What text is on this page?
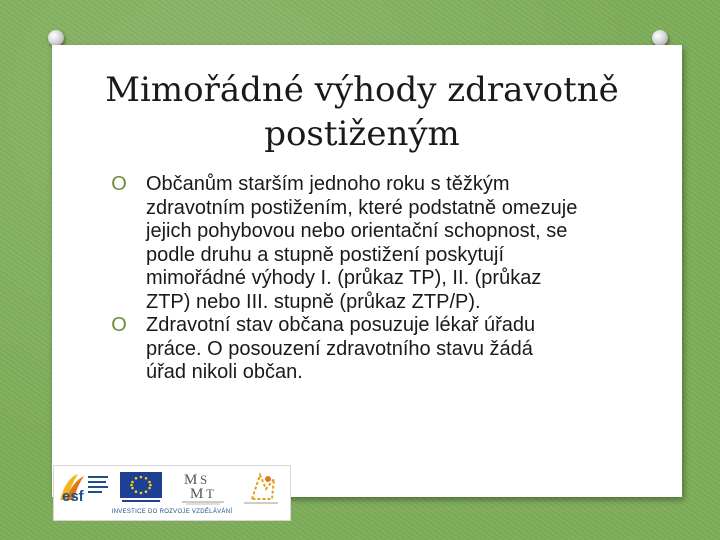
Mimořádné výhody zdravotně postiženým
O Občanům starším jednoho roku s těžkým zdravotním postižením, které podstatně omezuje jejich pohybovou nebo orientační schopnost, se podle druhu a stupně postižení poskytují mimořádné výhody I. (průkaz TP), II. (průkaz ZTP) nebo III. stupně (průkaz ZTP/P).
O Zdravotní stav občana posuzuje lékař úřadu práce. O posouzení zdravotního stavu žádá úřad nikoli občan.
esf
M S
M T
INVESTICE DO ROZVOJE VZDĚLÁVÁNÍ
